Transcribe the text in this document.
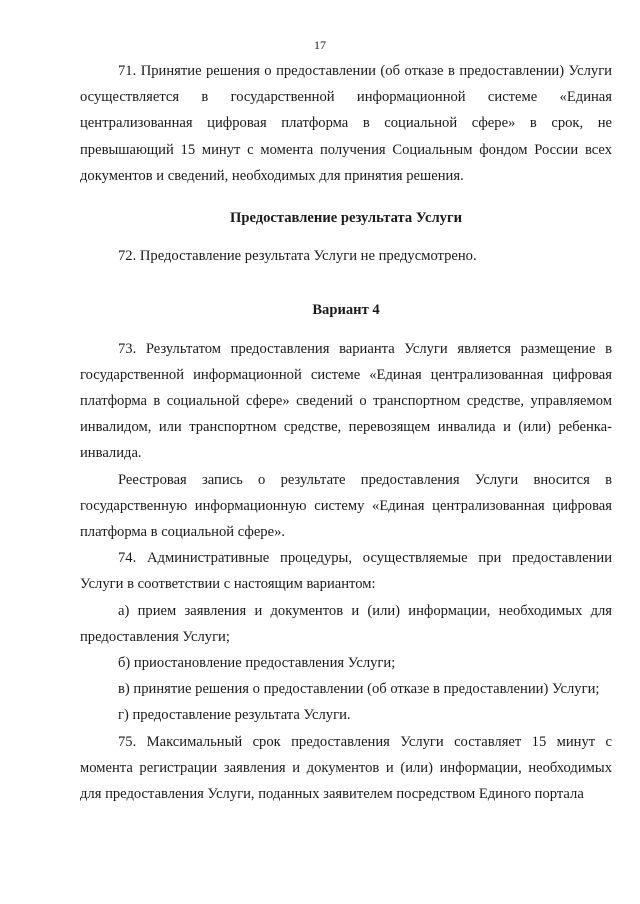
17

71. Принятие решения о предоставлении (об отказе в предоставлении) Услуги осуществляется в государственной информационной системе «Единая централизованная цифровая платформа в социальной сфере» в срок, не превышающий 15 минут с момента получения Социальным фондом России всех документов и сведений, необходимых для принятия решения.

Предоставление результата Услуги

72. Предоставление результата Услуги не предусмотрено.

Вариант 4

73. Результатом предоставления варианта Услуги является размещение в государственной информационной системе «Единая централизованная цифровая платформа в социальной сфере» сведений о транспортном средстве, управляемом инвалидом, или транспортном средстве, перевозящем инвалида и (или) ребенка-инвалида.

Реестровая запись о результате предоставления Услуги вносится в государственную информационную систему «Единая централизованная цифровая платформа в социальной сфере».

74. Административные процедуры, осуществляемые при предоставлении Услуги в соответствии с настоящим вариантом:

а) прием заявления и документов и (или) информации, необходимых для предоставления Услуги;

б) приостановление предоставления Услуги;

в) принятие решения о предоставлении (об отказе в предоставлении) Услуги;

г) предоставление результата Услуги.

75. Максимальный срок предоставления Услуги составляет 15 минут с момента регистрации заявления и документов и (или) информации, необходимых для предоставления Услуги, поданных заявителем посредством Единого портала
